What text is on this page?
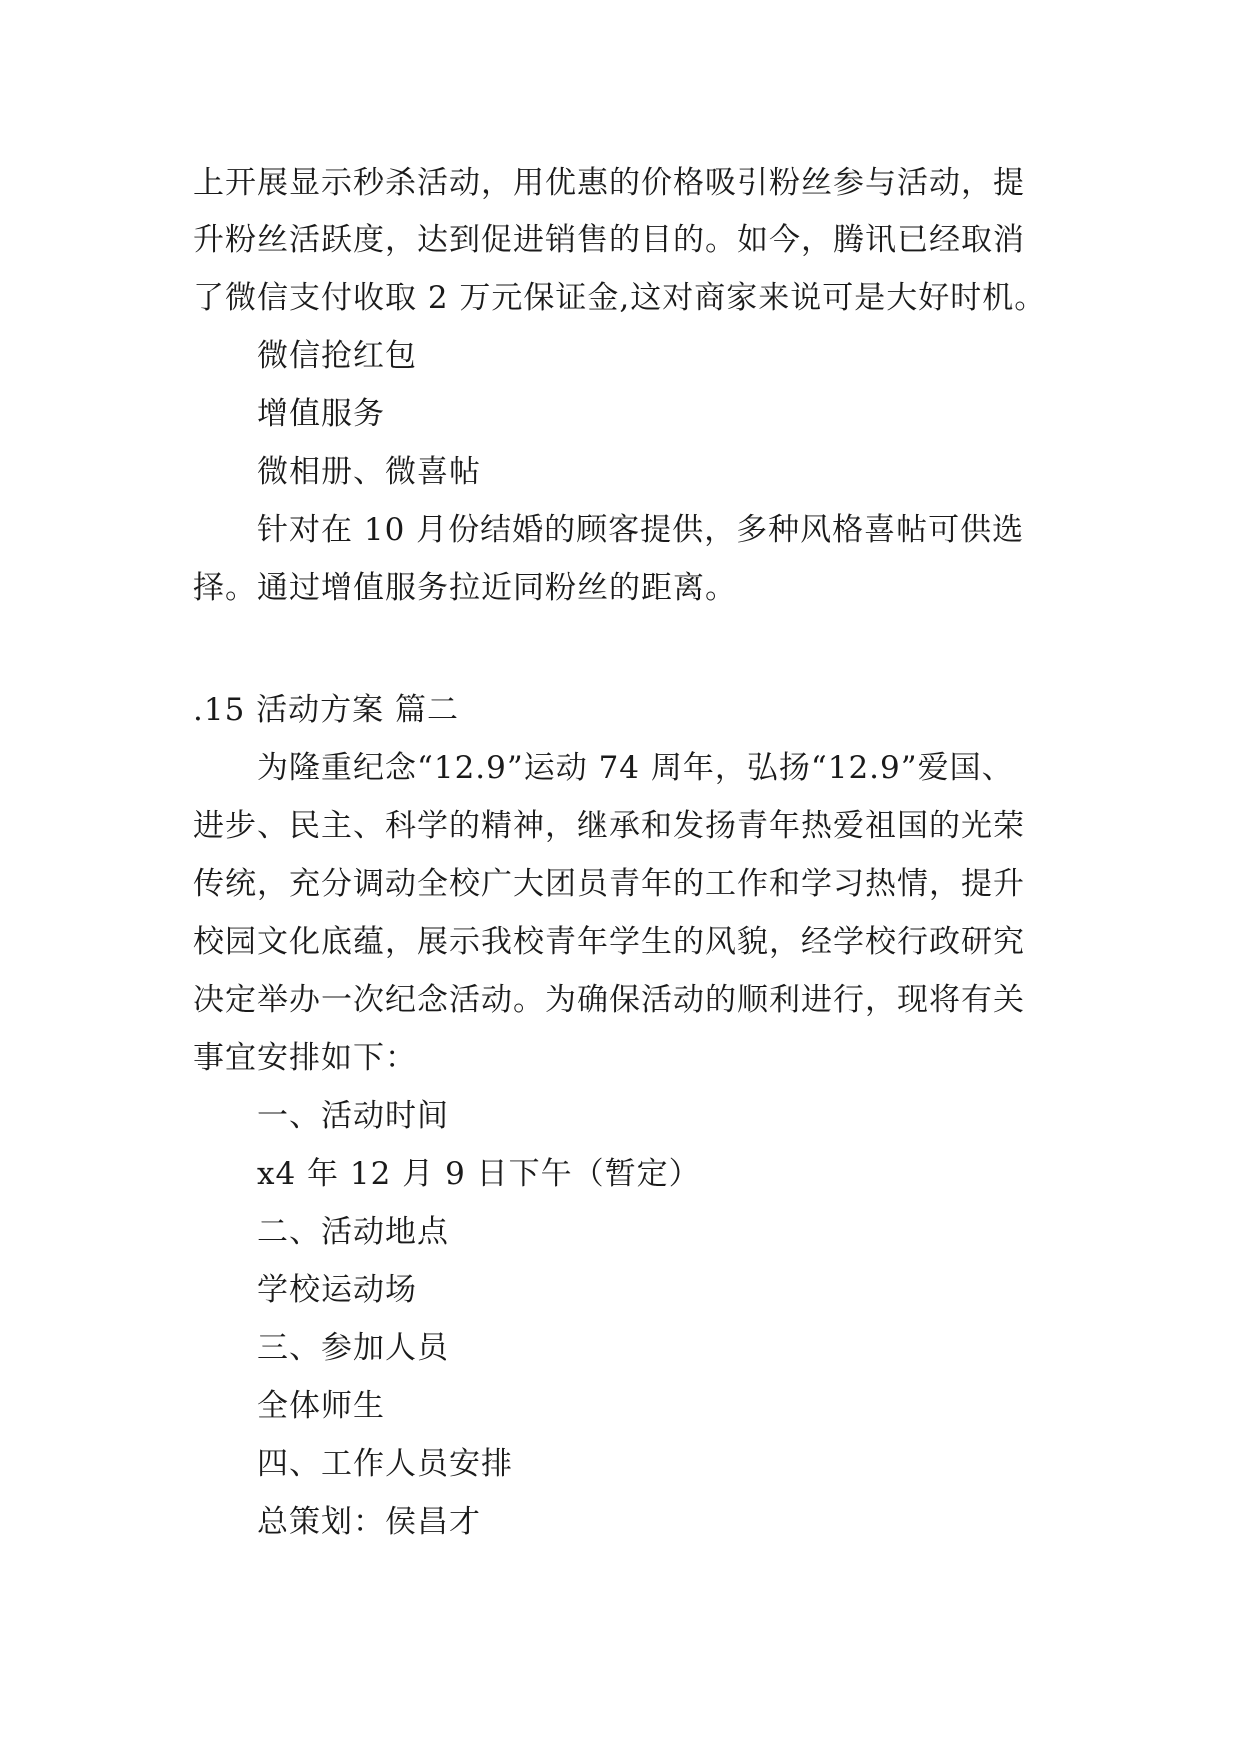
上开展显示秒杀活动，用优惠的价格吸引粉丝参与活动，提

升粉丝活跃度，达到促进销售的目的。如今，腾讯已经取消

了微信支付收取 2 万元保证金,这对商家来说可是大好时机。

微信抢红包

增值服务

微相册、微喜帖

针对在 10 月份结婚的顾客提供，多种风格喜帖可供选

择。通过增值服务拉近同粉丝的距离。

.15 活动方案 篇二

为隆重纪念“12.9”运动 74 周年，弘扬“12.9”爱国、

进步、民主、科学的精神，继承和发扬青年热爱祖国的光荣

传统，充分调动全校广大团员青年的工作和学习热情，提升

校园文化底蕴，展示我校青年学生的风貌，经学校行政研究

决定举办一次纪念活动。为确保活动的顺利进行，现将有关

事宜安排如下：

一、活动时间

x4 年 12 月 9 日下午（暂定）

二、活动地点

学校运动场

三、参加人员

全体师生

四、工作人员安排

总策划：侯昌才
